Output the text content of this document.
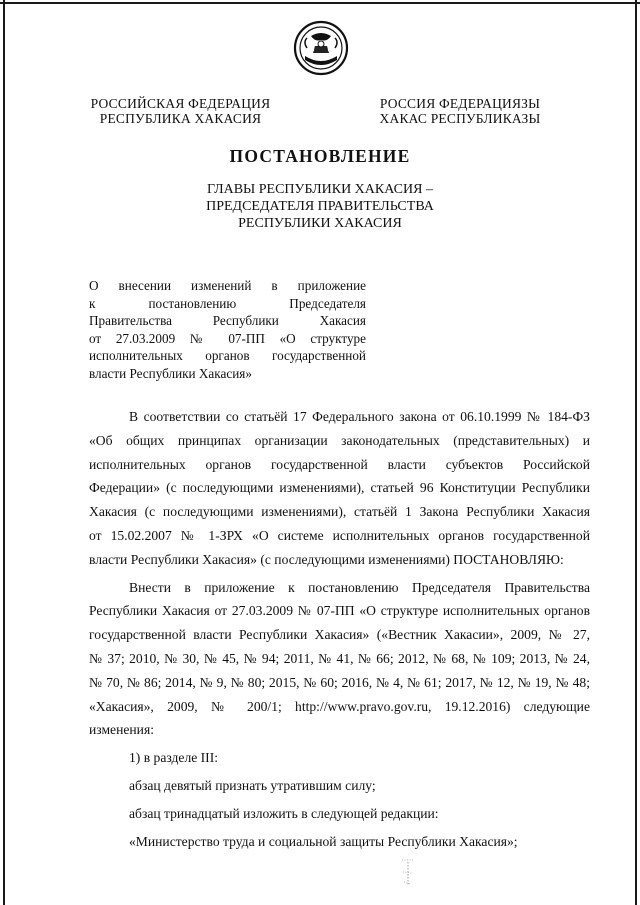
РОССИЙСКАЯ ФЕДЕРАЦИЯ
РЕСПУБЛИКА ХАКАСИЯ
РОССИЯ ФЕДЕРАЦИЯЗЫ
ХАКАС РЕСПУБЛИКАЗЫ
ПОСТАНОВЛЕНИЕ
ГЛАВЫ РЕСПУБЛИКИ ХАКАСИЯ –
ПРЕДСЕДАТЕЛЯ ПРАВИТЕЛЬСТВА
РЕСПУБЛИКИ ХАКАСИЯ
О внесении изменений в приложение
к постановлению Председателя
Правительства Республики Хакасия
от 27.03.2009 № 07-ПП «О структуре
исполнительных органов государственной
власти Республики Хакасия»
В соответствии со статьёй 17 Федерального закона от 06.10.1999 № 184-ФЗ
«Об общих принципах организации законодательных (представительных) и
исполнительных органов государственной власти субъектов Российской
Федерации» (с последующими изменениями), статьей 96 Конституции Республики
Хакасия (с последующими изменениями), статьёй 1 Закона Республики Хакасия
от 15.02.2007 № 1-ЗРХ «О системе исполнительных органов государственной
власти Республики Хакасия» (с последующими изменениями) ПОСТАНОВЛЯЮ:
Внести в приложение к постановлению Председателя Правительства
Республики Хакасия от 27.03.2009 № 07-ПП «О структуре исполнительных органов
государственной власти Республики Хакасия» («Вестник Хакасии», 2009, № 27,
№ 37; 2010, № 30, № 45, № 94; 2011, № 41, № 66; 2012, № 68, № 109; 2013, № 24,
№ 70, № 86; 2014, № 9, № 80; 2015, № 60; 2016, № 4, № 61; 2017, № 12, № 19, № 48;
«Хакасия», 2009, № 200/1; http://www.pravo.gov.ru, 19.12.2016) следующие
изменения:
1) в разделе III:
абзац девятый признать утратившим силу;
абзац тринадцатый изложить в следующей редакции:
«Министерство труда и социальной защиты Республики Хакасия»;
